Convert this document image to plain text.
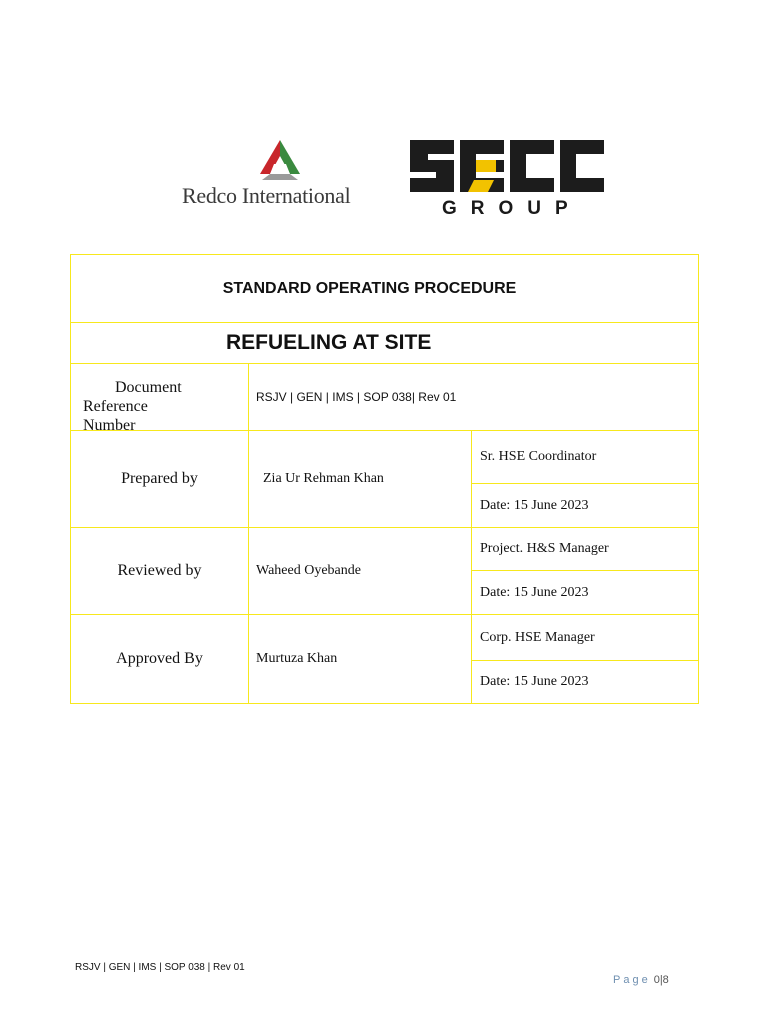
Redco International
GROUP
STANDARD OPERATING PROCEDURE		
REFUELING AT SITE		

Document
Reference
Number	RSJV | GEN | IMS | SOP 038| Rev 01	
Prepared by	Zia Ur Rehman Khan	Sr. HSE Coordinator
		Date: 15 June 2023
Reviewed by	Waheed Oyebande	Project. H&S Manager
		Date: 15 June 2023
Approved By	Murtuza Khan	Corp. HSE Manager
		Date: 15 June 2023
RSJV | GEN | IMS | SOP 038 | Rev 01
Page 0|8
